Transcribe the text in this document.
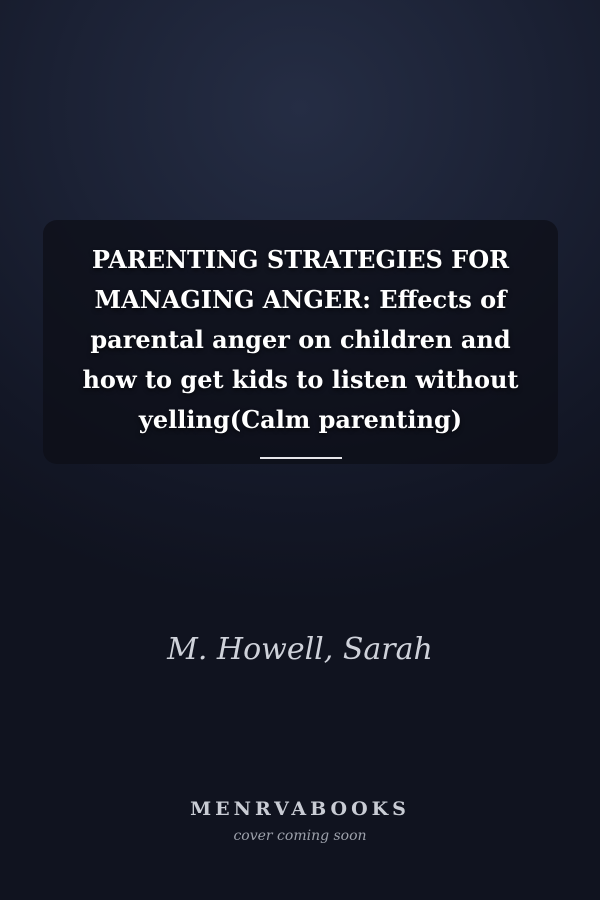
PARENTING STRATEGIES FOR
MANAGING ANGER: Effects of
parental anger on children and
how to get kids to listen without
yelling(Calm parenting)

M. Howell, Sarah
MENRVABOOKS
cover coming soon
